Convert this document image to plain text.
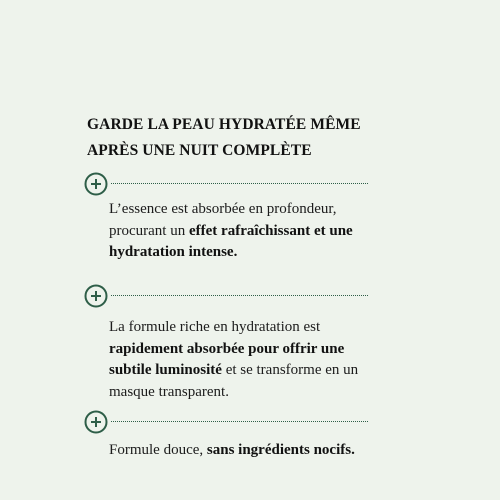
GARDE LA PEAU HYDRATÉE MÊME
APRÈS UNE NUIT COMPLÈTE

L’essence est absorbée en profondeur, procurant un effet rafraîchissant et une hydratation intense.

La formule riche en hydratation est rapidement absorbée pour offrir une subtile luminosité et se transforme en un masque transparent.

Formule douce, sans ingrédients nocifs.
